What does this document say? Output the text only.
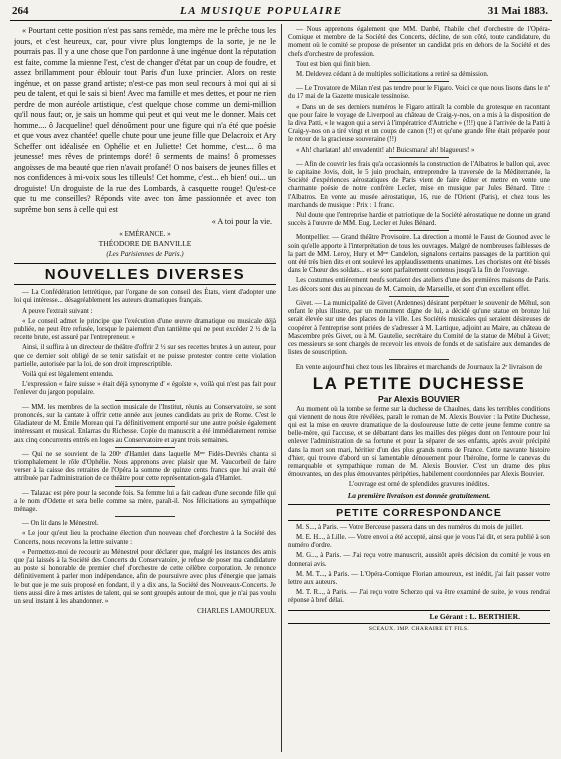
264	LA MUSIQUE POPULAIRE	31 Mai 1883.

« Pourtant cette position n'est pas sans remède, ma mère me le prêche tous les jours, et c'est heureux, car, pour vivre plus longtemps de la sorte, je ne le pourrais pas. Il y a une chose que l'on pardonne à une ingénue dont la réputation est faite, comme la mienne l'est, c'est de changer d'état par un coup de foudre, et assez brillamment pour éblouir tout Paris d'un luxe princier. Alors on reste ingénue, et on passe grand artiste; n'est-ce pas mon seul recours à moi qui ai si peu de talent, et qui le sais si bien! Avec ma famille et mes dettes, et pour ne rien perdre de mon auréole artistique, c'est quelque chose comme un demi-million qu'il nous faut; or, je sais un homme qui peut et qui veut me le donner. Mais cet homme.... ô Jacqueline! quel dénoûment pour une figure qui n'a été que poésie et que vous avez chantée! quelle chute pour une jeune fille que Delacroix et Ary Scheffer ont idéalisée en Ophélie et en Juliette! Cet homme, c'est.... ô ma jeunesse! mes rêves de printemps doré! ô serments de mains! ô promesses angoisses de ma beauté que rien n'avait profané! O nos baisers de jeunes filles et nos confidences à mi-voix sous les tilleuls! Cet homme, c'est... eh bien! oui... un droguiste! Un droguiste de la rue des Lombards, à casquette rouge! Qu'est-ce que tu me conseilles? Réponds vite avec ton âme passionnée et avec ton suprême bon sens à celle qui est

« A toi pour la vie.

« EMÉRANCE. »

THÉODORE DE BANVILLE

(Les Parisiennes de Paris.)

NOUVELLES DIVERSES

— La Confédération lettrétique, par l'organe de son conseil des États, vient d'adopter une loi qui intéresse... désagréablement les auteurs dramatiques français.

A peuve l'extrait suivant :

« Le conseil admet le principe que l'exécution d'une œuvre dramatique ou musicale déjà publiée, ne peut être refusée, lorsque le paiement d'un tantième qui ne peut excéder 2 ½ de la recette brute, est assuré par l'entrepreneur. »

Ainsi, il suffira à un directeur de théâtre d'offrir 2 ½ sur ses recettes brutes à un auteur, pour que ce dernier soit obligé de se tenir satisfait et ne puisse protester contre cette violation partielle, autorisée par la loi, de son droit imprescriptible.

Voilà qui est légalement entendu.

L'expression « faire suisse » était déjà synonyme d' « égoïste », voilà qui n'est pas fait pour l'enlever du jargon populaire.

— MM. les membres de la section musicale de l'Institut, réunis au Conservatoire, se sont prononcés, sur la cantate à offrir cette année aux jeunes candidats au prix de Rome. C'est le Gladiateur de M. Émile Moreau qui l'a définitivement emporté sur une autre poésie également intéressant et musical. Enlarras du Richesse. Copie du manuscrit a été immédiatement remise aux cinq concurrents entrés en loges au Conservatoire et ayant trois semaines.

— Qui ne se souvient de la 200ᵉ d'Hamlet dans laquelle Mᵐᵉ Fidès-Devriès chanta si triomphalement le rôle d'Ophélie. Nous apprenons avec plaisir que M. Vaucorbeil de faire verser à la caisse des retraites de l'Opéra la somme de quinze cents francs que lui avait été attribuée par l'administration de ce théâtre pour cette représentation-gala d'Hamlet.

— Talazac est père pour la seconde fois. Sa femme lui a fait cadeau d'une seconde fille qui a le nom d'Odette et sera belle comme sa mère, paraît-il. Nos félicitations au sympathique ménage.

— On lit dans le Ménestrel.

« Le jour qu'eut lieu la prochaine élection d'un nouveau chef d'orchestre à la Société des Concerts, nous recevons la lettre suivante :

« Permettez-moi de recourir au Ménestrel pour déclarer que, malgré les instances des amis que j'ai laissés à la Société des Concerts du Conservatoire, je refuse de poser ma candidature au poste si honorable de premier chef d'orchestre de cette célèbre corporation. Je renonce définitivement à parler mon indépendance, afin de poursuivre avec plus d'énergie que jamais le but que je me suis proposé en fondant, il y a dix ans, la Société des Nouveaux-Concerts. Je tiens aussi dire à mes artistes de talent, qui se sont groupés autour de moi, que je n'ai pas voulu un seul instant à les abandonner. »

CHARLES LAMOUREUX.

— Nous apprenons également que MM. Danbé, l'habile chef d'orchestre de l'Opéra-Comique et membre de la Société des Concerts, décline, de son côté, toute candidature, du moment où le comité se propose de présenter un candidat pris en dehors de la Société et des chefs d'orchestre de profession.

Tout est bien qui finit bien.

M. Deldevez cédant à de multiples sollicitations a retiré sa démission.

— Le Trovatore de Milan n'est pas tendre pour le Figaro. Voici ce que nous lisons dans le nº du 17 mai de la Gazette musicale tessinoise.

« Dans un de ses derniers numéros le Figaro attiraît la comble du grotesque en racontant que pour faire le voyage de Liverpool au château de Craig-y-nos, on a mis à la disposition de la diva Patti, « le wagon qui a servi à l'impératrice d'Autriche » (!!!) que à l'arrivée de la Patti à Craig-y-nos on a tiré vingt et un coups de canon (!!) et qu'une grande fête était préparée pour le retour de la gracieuse souveraine (!!)

« Ah! charlatan! ah! envadentit! ah! Buicsmara! ah! blagueurs! »

— Afin de couvrir les frais qu'a occasionnés la construction de l'Albatros le ballon qui, avec le capitaine Jovis, doit, le 5 juin prochain, entreprendre la traversée de la Méditerranée, la Société d'expériences aérostatiques de Paris vient de faire éditer et mettre en vente une charmante poésie de notre confrère Lecler, mise en musique par Jules Bénard. Titre : l'Albatros. En vente au musée aérostatique, 16, rue de l'Orient (Paris), et chez tous les marchands de musique : Prix : 1 franc.

Nul doute que l'entreprise hardie et patriotique de la Société aérostatique ne donne un grand succès à l'œuvre de MM. Eug. Lecler et Jules Bénard.

Montpellier. — Grand théâtre Provisoire. La direction a monté le Faust de Gounod avec le soin qu'elle apporte à l'interprétation de tous les ouvrages. Malgré de nombreuses faiblesses de la part de MM. Leroy, Hury et Mᵐᵉ Candelon, signalons certains passages de la partition qui ont été très bien dits et ont soulevé les applaudissements unanimes. Les choristes ont été bissés dans le Chœur des soldats... et se sont parfaitement contenus jusqu'à la fin de l'ouvrage.

Les costumes entièrement neufs sortaient des ateliers d'une des premières maisons de Paris. Les décors sont dus au pinceau de M. Camoin, de Marseille, et sont d'un excellent effet.

Givet. — La municipalité de Givet (Ardennes) désirant perpétuer le souvenir de Méhul, son enfant le plus illustre, par un monument digne de lui, a décidé qu'une statue en bronze lui serait élevée sur une des places de la ville. Les Sociétés musicales qui seraient désireuses de coopérer à l'entreprise sont priées de s'adresser à M. Lartique, adjoint au Maire, au château de Mascembre près Givet, ou à M. Gautelie, secrétaire du Comité de la statue de Méhul à Givet; ces messieurs se sont chargés de recevoir les envois de fonds et de satisfaire aux demandes de listes de souscription.

En vente aujourd'hui chez tous les libraires et marchands de Journaux la 2ᵉ livraison de

LA PETITE DUCHESSE
Par Alexis BOUVIER

Au moment où la tombe se ferme sur la duchesse de Chaulnes, dans les terribles conditions qui viennent de nous être révélées, paraît le roman de M. Alexis Bouvier : la Petite Duchesse, qui est la mise en œuvre dramatique de la douloureuse lutte de cette jeune femme contre sa belle-mère, qui l'accuse, et se débattant dans les mailles des pièges dont on l'entoure pour lui enlever l'administration de sa fortune et pour la séparer de ses enfants, après avoir précipité dans la mort son mari, héritier d'un des plus grands noms de France. Cette navrante histoire d'hier, qui trouve d'abord un si lamentable dénouement pour l'héroïne, forme le canevas du remarquable et sympathique roman de M. Alexis Bouvier. C'est un drame des plus émouvantes, un des plus émouvantes péripéties, habilement coordonnées par Alexis Bouvier.

L'ouvrage est orné de splendides gravures inédites.

La première livraison est donnée gratuitement.

PETITE CORRESPONDANCE

M. S..., à Paris. — Votre Berceuse passera dans un des numéros du mois de juillet.

M. E. H..., à Lille. — Votre envoi a été accepté, ainsi que je vous l'ai dit, et sera publié à son numéro d'ordre.

M. G..., à Paris. — J'ai reçu votre manuscrit, aussitôt après décision du comité je vous en donnerai avis.

M. M. T..., à Paris. — L'Opéra-Comique Florian amoureux, est inédit, j'ai fait passer votre lettre aux auteurs.

M. T. R..., à Paris. — J'ai reçu votre Scherzo qui va être examiné de suite, je vous rendrai réponse à bref délai.

Le Gérant : L. BERTHIER.

SCEAUX. IMP. CHARAIRE ET FILS.
